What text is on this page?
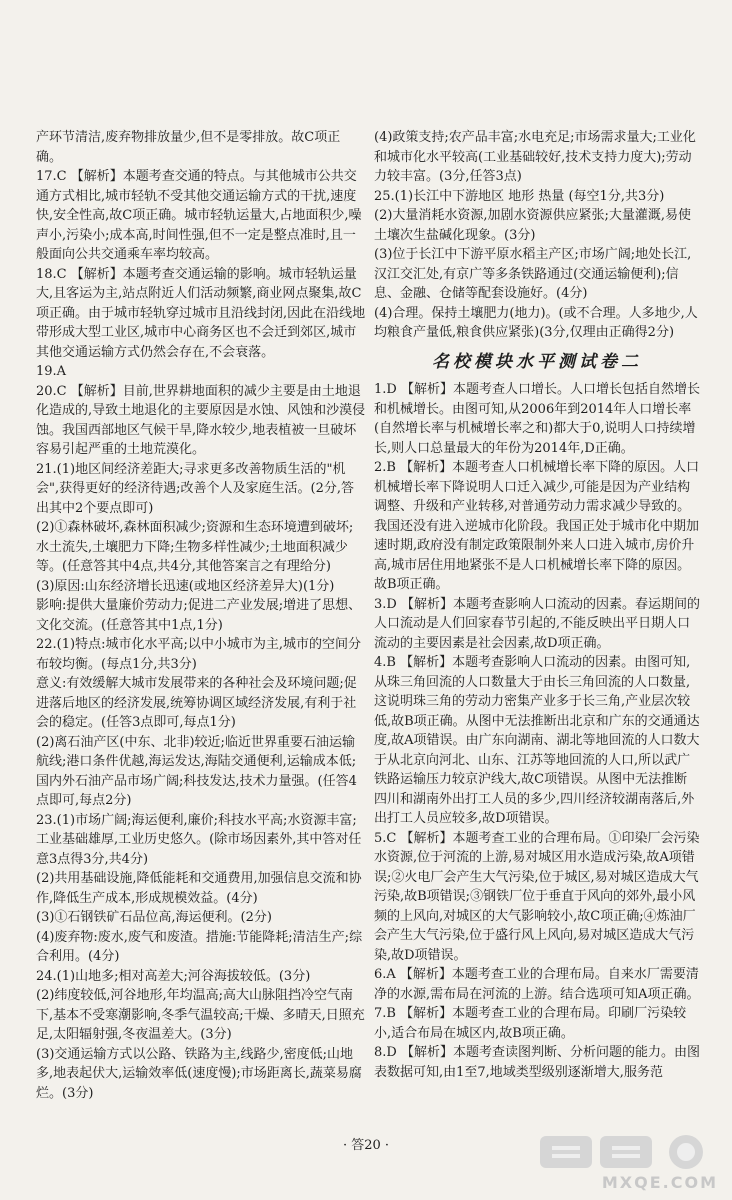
产环节清洁,废弃物排放量少,但不是零排放。故C项正确。

17.C 【解析】本题考查交通的特点。与其他城市公共交通方式相比,城市轻轨不受其他交通运输方式的干扰,速度快,安全性高,故C项正确。城市轻轨运量大,占地面积少,噪声小,污染小;成本高,时间性强,但不一定是整点准时,且一般面向公共交通乘车率均较高。

18.C 【解析】本题考查交通运输的影响。城市轻轨运量大,且客运为主,站点附近人们活动频繁,商业网点聚集,故C项正确。由于城市轻轨穿过城市且沿线封闭,因此在沿线地带形成大型工业区,城市中心商务区也不会迁到郊区,城市其他交通运输方式仍然会存在,不会衰落。

19.A

20.C 【解析】目前,世界耕地面积的减少主要是由土地退化造成的,导致土地退化的主要原因是水蚀、风蚀和沙漠侵蚀。我国西部地区气候干旱,降水较少,地表植被一旦破坏容易引起严重的土地荒漠化。

21.(1)地区间经济差距大;寻求更多改善物质生活的"机会",获得更好的经济待遇;改善个人及家庭生活。(2分,答出其中2个要点即可)

(2)①森林破坏,森林面积减少;资源和生态环境遭到破坏;水土流失,土壤肥力下降;生物多样性减少;土地面积减少等。(任意答其中4点,共4分,其他答案言之有理给分)

(3)原因:山东经济增长迅速(或地区经济差异大)(1分)

影响:提供大量廉价劳动力;促进二产业发展;增进了思想、文化交流。(任意答其中1点,1分)

22.(1)特点:城市化水平高;以中小城市为主,城市的空间分布较均衡。(每点1分,共3分)

意义:有效缓解大城市发展带来的各种社会及环境问题;促进落后地区的经济发展,统筹协调区域经济发展,有利于社会的稳定。(任答3点即可,每点1分)

(2)离石油产区(中东、北非)较近;临近世界重要石油运输航线;港口条件优越,海运发达,海陆交通便利,运输成本低;国内外石油产品市场广阔;科技发达,技术力量强。(任答4点即可,每点2分)

23.(1)市场广阔;海运便利,廉价;科技水平高;水资源丰富;工业基础雄厚,工业历史悠久。(除市场因素外,其中答对任意3点得3分,共4分)

(2)共用基础设施,降低能耗和交通费用,加强信息交流和协作,降低生产成本,形成规模效益。(4分)

(3)①石钢铁矿石品位高,海运便利。(2分)

(4)废弃物:废水,废气和废渣。措施:节能降耗;清洁生产;综合利用。(4分)

24.(1)山地多;相对高差大;河谷海拔较低。(3分)

(2)纬度较低,河谷地形,年均温高;高大山脉阻挡冷空气南下,基本不受寒潮影响,冬季气温较高;干燥、多晴天,日照充足,太阳辐射强,冬夜温差大。(3分)

(3)交通运输方式以公路、铁路为主,线路少,密度低;山地多,地表起伏大,运输效率低(速度慢);市场距离长,蔬菜易腐烂。(3分)

(4)政策支持;农产品丰富;水电充足;市场需求量大;工业化和城市化水平较高(工业基础较好,技术支持力度大);劳动力较丰富。(3分,任答3点)

25.(1)长江中下游地区 地形 热量 (每空1分,共3分)

(2)大量消耗水资源,加剧水资源供应紧张;大量灌溉,易使土壤次生盐碱化现象。(3分)

(3)位于长江中下游平原水稻主产区;市场广阔;地处长江,汉江交汇处,有京广等多条铁路通过(交通运输便利);信息、金融、仓储等配套设施好。(4分)

(4)合理。保持土壤肥力(地力)。(或不合理。人多地少,人均粮食产量低,粮食供应紧张)(3分,仅理由正确得2分)

名校模块水平测试卷二

1.D 【解析】本题考查人口增长。人口增长包括自然增长和机械增长。由图可知,从2006年到2014年人口增长率(自然增长率与机械增长率之和)都大于0,说明人口持续增长,则人口总量最大的年份为2014年,D正确。

2.B 【解析】本题考查人口机械增长率下降的原因。人口机械增长率下降说明人口迁入减少,可能是因为产业结构调整、升级和产业转移,对普通劳动力需求减少导致的。我国还没有进入逆城市化阶段。我国正处于城市化中期加速时期,政府没有制定政策限制外来人口进入城市,房价升高,城市居住用地紧张不是人口机械增长率下降的原因。故B项正确。

3.D 【解析】本题考查影响人口流动的因素。春运期间的人口流动是人们回家春节引起的,不能反映出平日期人口流动的主要因素是社会因素,故D项正确。

4.B 【解析】本题考查影响人口流动的因素。由图可知,从珠三角回流的人口数量大于由长三角回流的人口数量,这说明珠三角的劳动力密集产业多于长三角,产业层次较低,故B项正确。从图中无法推断出北京和广东的交通通达度,故A项错误。由广东向湖南、湖北等地回流的人口数大于从北京向河北、山东、江苏等地回流的人口,所以武广铁路运输压力较京沪线大,故C项错误。从图中无法推断四川和湖南外出打工人员的多少,四川经济较湖南落后,外出打工人员应较多,故D项错误。

5.C 【解析】本题考查工业的合理布局。①印染厂会污染水资源,位于河流的上游,易对城区用水造成污染,故A项错误;②火电厂会产生大气污染,位于城区,易对城区造成大气污染,故B项错误;③钢铁厂位于垂直于风向的郊外,最小风频的上风向,对城区的大气影响较小,故C项正确;④炼油厂会产生大气污染,位于盛行风上风向,易对城区造成大气污染,故D项错误。

6.A 【解析】本题考查工业的合理布局。自来水厂需要清净的水源,需布局在河流的上游。结合选项可知A项正确。

7.B 【解析】本题考查工业的合理布局。印刷厂污染较小,适合布局在城区内,故B项正确。

8.D 【解析】本题考查读图判断、分析问题的能力。由图表数据可知,由1至7,地域类型级别逐渐增大,服务范

· 答20 ·
MXQE.COM
